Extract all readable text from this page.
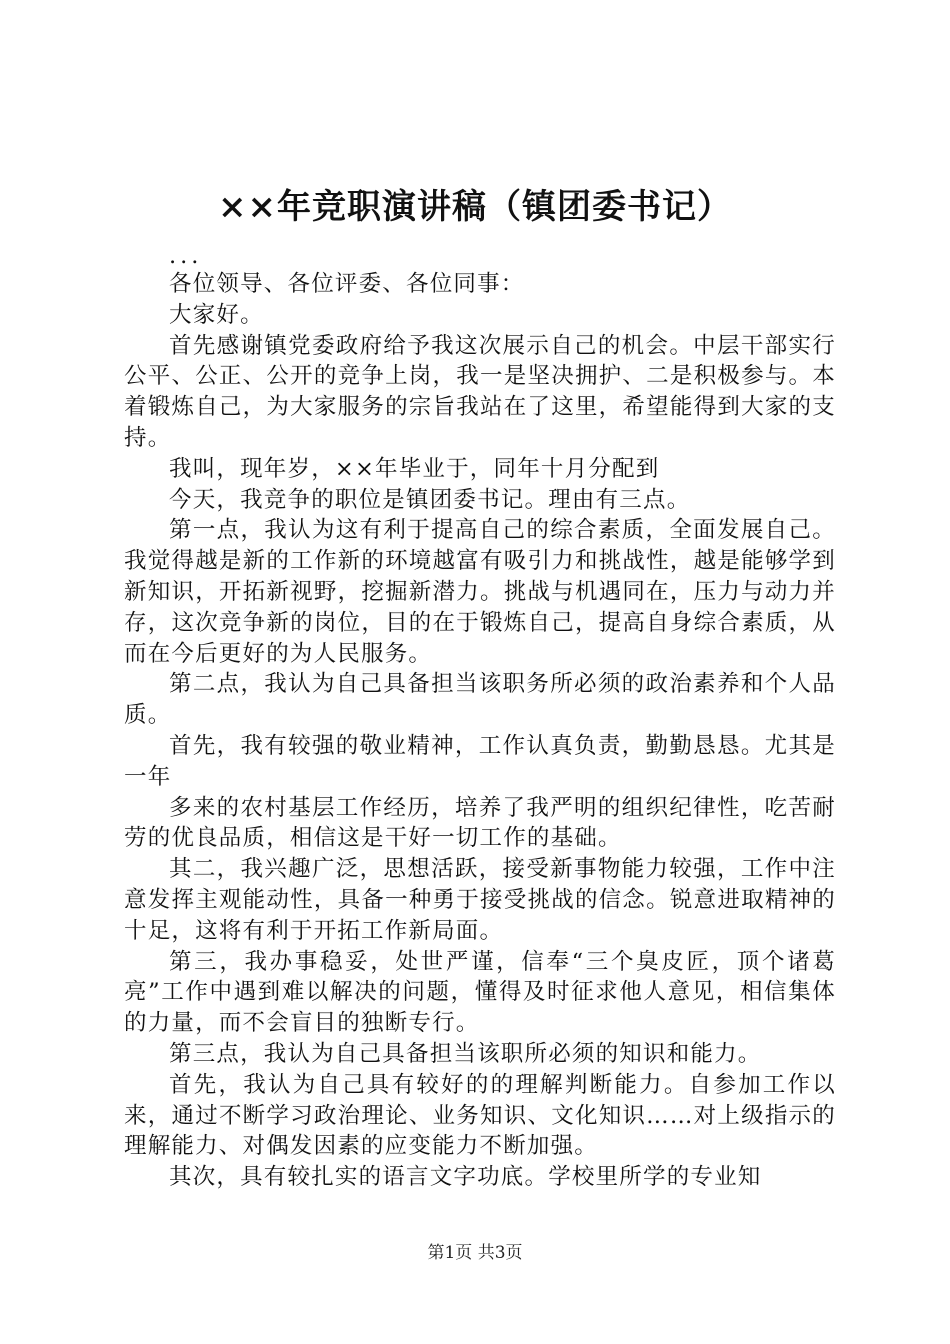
××年竞职演讲稿（镇团委书记）

...

各位领导、各位评委、各位同事：

大家好。

首先感谢镇党委政府给予我这次展示自己的机会。中层干部实行公平、公正、公开的竞争上岗，我一是坚决拥护、二是积极参与。本着锻炼自己，为大家服务的宗旨我站在了这里，希望能得到大家的支持。

我叫，现年岁，××年毕业于，同年十月分配到

今天，我竞争的职位是镇团委书记。理由有三点。

第一点，我认为这有利于提高自己的综合素质，全面发展自己。我觉得越是新的工作新的环境越富有吸引力和挑战性，越是能够学到新知识，开拓新视野，挖掘新潜力。挑战与机遇同在，压力与动力并存，这次竞争新的岗位，目的在于锻炼自己，提高自身综合素质，从而在今后更好的为人民服务。

第二点，我认为自己具备担当该职务所必须的政治素养和个人品质。

首先，我有较强的敬业精神，工作认真负责，勤勤恳恳。尤其是一年

多来的农村基层工作经历，培养了我严明的组织纪律性，吃苦耐劳的优良品质，相信这是干好一切工作的基础。

其二，我兴趣广泛，思想活跃，接受新事物能力较强，工作中注意发挥主观能动性，具备一种勇于接受挑战的信念。锐意进取精神的十足，这将有利于开拓工作新局面。

第三，我办事稳妥，处世严谨，信奉“三个臭皮匠，顶个诸葛亮”工作中遇到难以解决的问题，懂得及时征求他人意见，相信集体的力量，而不会盲目的独断专行。

第三点，我认为自己具备担当该职所必须的知识和能力。

首先，我认为自己具有较好的的理解判断能力。自参加工作以来，通过不断学习政治理论、业务知识、文化知识……对上级指示的理解能力、对偶发因素的应变能力不断加强。

其次，具有较扎实的语言文字功底。学校里所学的专业知

第1页 共3页
